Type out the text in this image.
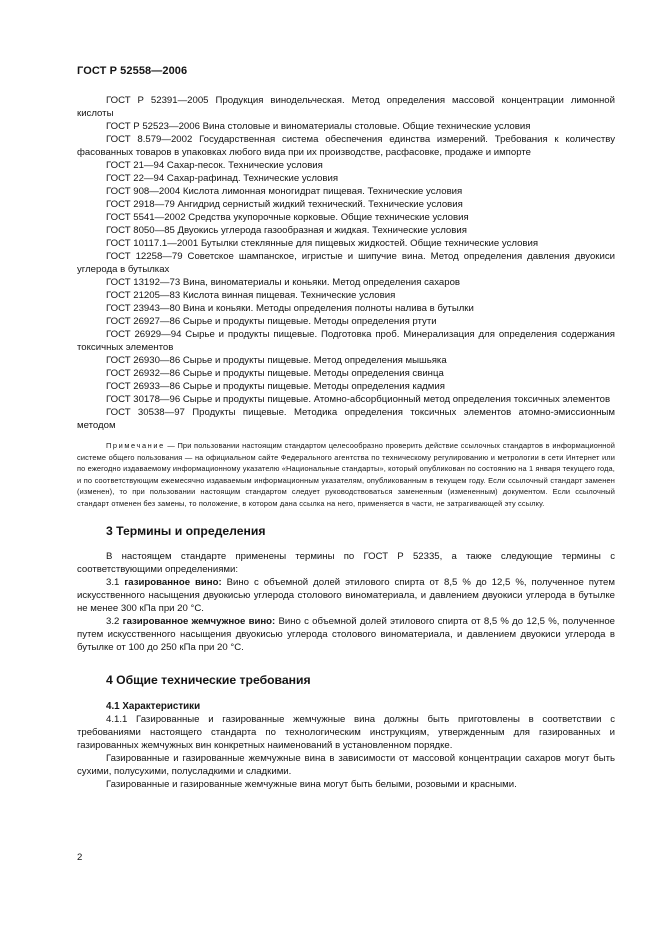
ГОСТ Р 52558—2006

ГОСТ Р 52391—2005 Продукция винодельческая. Метод определения массовой концентрации лимонной кислоты

ГОСТ Р 52523—2006 Вина столовые и виноматериалы столовые. Общие технические условия

ГОСТ 8.579—2002 Государственная система обеспечения единства измерений. Требования к количеству фасованных товаров в упаковках любого вида при их производстве, расфасовке, продаже и импорте

ГОСТ 21—94 Сахар-песок. Технические условия

ГОСТ 22—94 Сахар-рафинад. Технические условия

ГОСТ 908—2004 Кислота лимонная моногидрат пищевая. Технические условия

ГОСТ 2918—79 Ангидрид сернистый жидкий технический. Технические условия

ГОСТ 5541—2002 Средства укупорочные корковые. Общие технические условия

ГОСТ 8050—85 Двуокись углерода газообразная и жидкая. Технические условия

ГОСТ 10117.1—2001 Бутылки стеклянные для пищевых жидкостей. Общие технические условия

ГОСТ 12258—79 Советское шампанское, игристые и шипучие вина. Метод определения давления двуокиси углерода в бутылках

ГОСТ 13192—73 Вина, виноматериалы и коньяки. Метод определения сахаров

ГОСТ 21205—83 Кислота винная пищевая. Технические условия

ГОСТ 23943—80 Вина и коньяки. Методы определения полноты налива в бутылки

ГОСТ 26927—86 Сырье и продукты пищевые. Методы определения ртути

ГОСТ 26929—94 Сырье и продукты пищевые. Подготовка проб. Минерализация для определения содержания токсичных элементов

ГОСТ 26930—86 Сырье и продукты пищевые. Метод определения мышьяка

ГОСТ 26932—86 Сырье и продукты пищевые. Методы определения свинца

ГОСТ 26933—86 Сырье и продукты пищевые. Методы определения кадмия

ГОСТ 30178—96 Сырье и продукты пищевые. Атомно-абсорбционный метод определения токсичных элементов

ГОСТ 30538—97 Продукты пищевые. Методика определения токсичных элементов атомно-эмиссионным методом

Примечание — При пользовании настоящим стандартом целесообразно проверить действие ссылочных стандартов в информационной системе общего пользования — на официальном сайте Федерального агентства по техническому регулированию и метрологии в сети Интернет или по ежегодно издаваемому информационному указателю «Национальные стандарты», который опубликован по состоянию на 1 января текущего года, и по соответствующим ежемесячно издаваемым информационным указателям, опубликованным в текущем году. Если ссылочный стандарт заменен (изменен), то при пользовании настоящим стандартом следует руководствоваться замененным (измененным) документом. Если ссылочный стандарт отменен без замены, то положение, в котором дана ссылка на него, применяется в части, не затрагивающей эту ссылку.

3 Термины и определения

В настоящем стандарте применены термины по ГОСТ Р 52335, а также следующие термины с соответствующими определениями:

3.1 газированное вино: Вино с объемной долей этилового спирта от 8,5 % до 12,5 %, полученное путем искусственного насыщения двуокисью углерода столового виноматериала, и давлением двуокиси углерода в бутылке не менее 300 кПа при 20 °С.

3.2 газированное жемчужное вино: Вино с объемной долей этилового спирта от 8,5 % до 12,5 %, полученное путем искусственного насыщения двуокисью углерода столового виноматериала, и давлением двуокиси углерода в бутылке от 100 до 250 кПа при 20 °С.

4 Общие технические требования
4.1 Характеристики

4.1.1 Газированные и газированные жемчужные вина должны быть приготовлены в соответствии с требованиями настоящего стандарта по технологическим инструкциям, утвержденным для газированных и газированных жемчужных вин конкретных наименований в установленном порядке.

Газированные и газированные жемчужные вина в зависимости от массовой концентрации сахаров могут быть сухими, полусухими, полусладкими и сладкими.

Газированные и газированные жемчужные вина могут быть белыми, розовыми и красными.

2
